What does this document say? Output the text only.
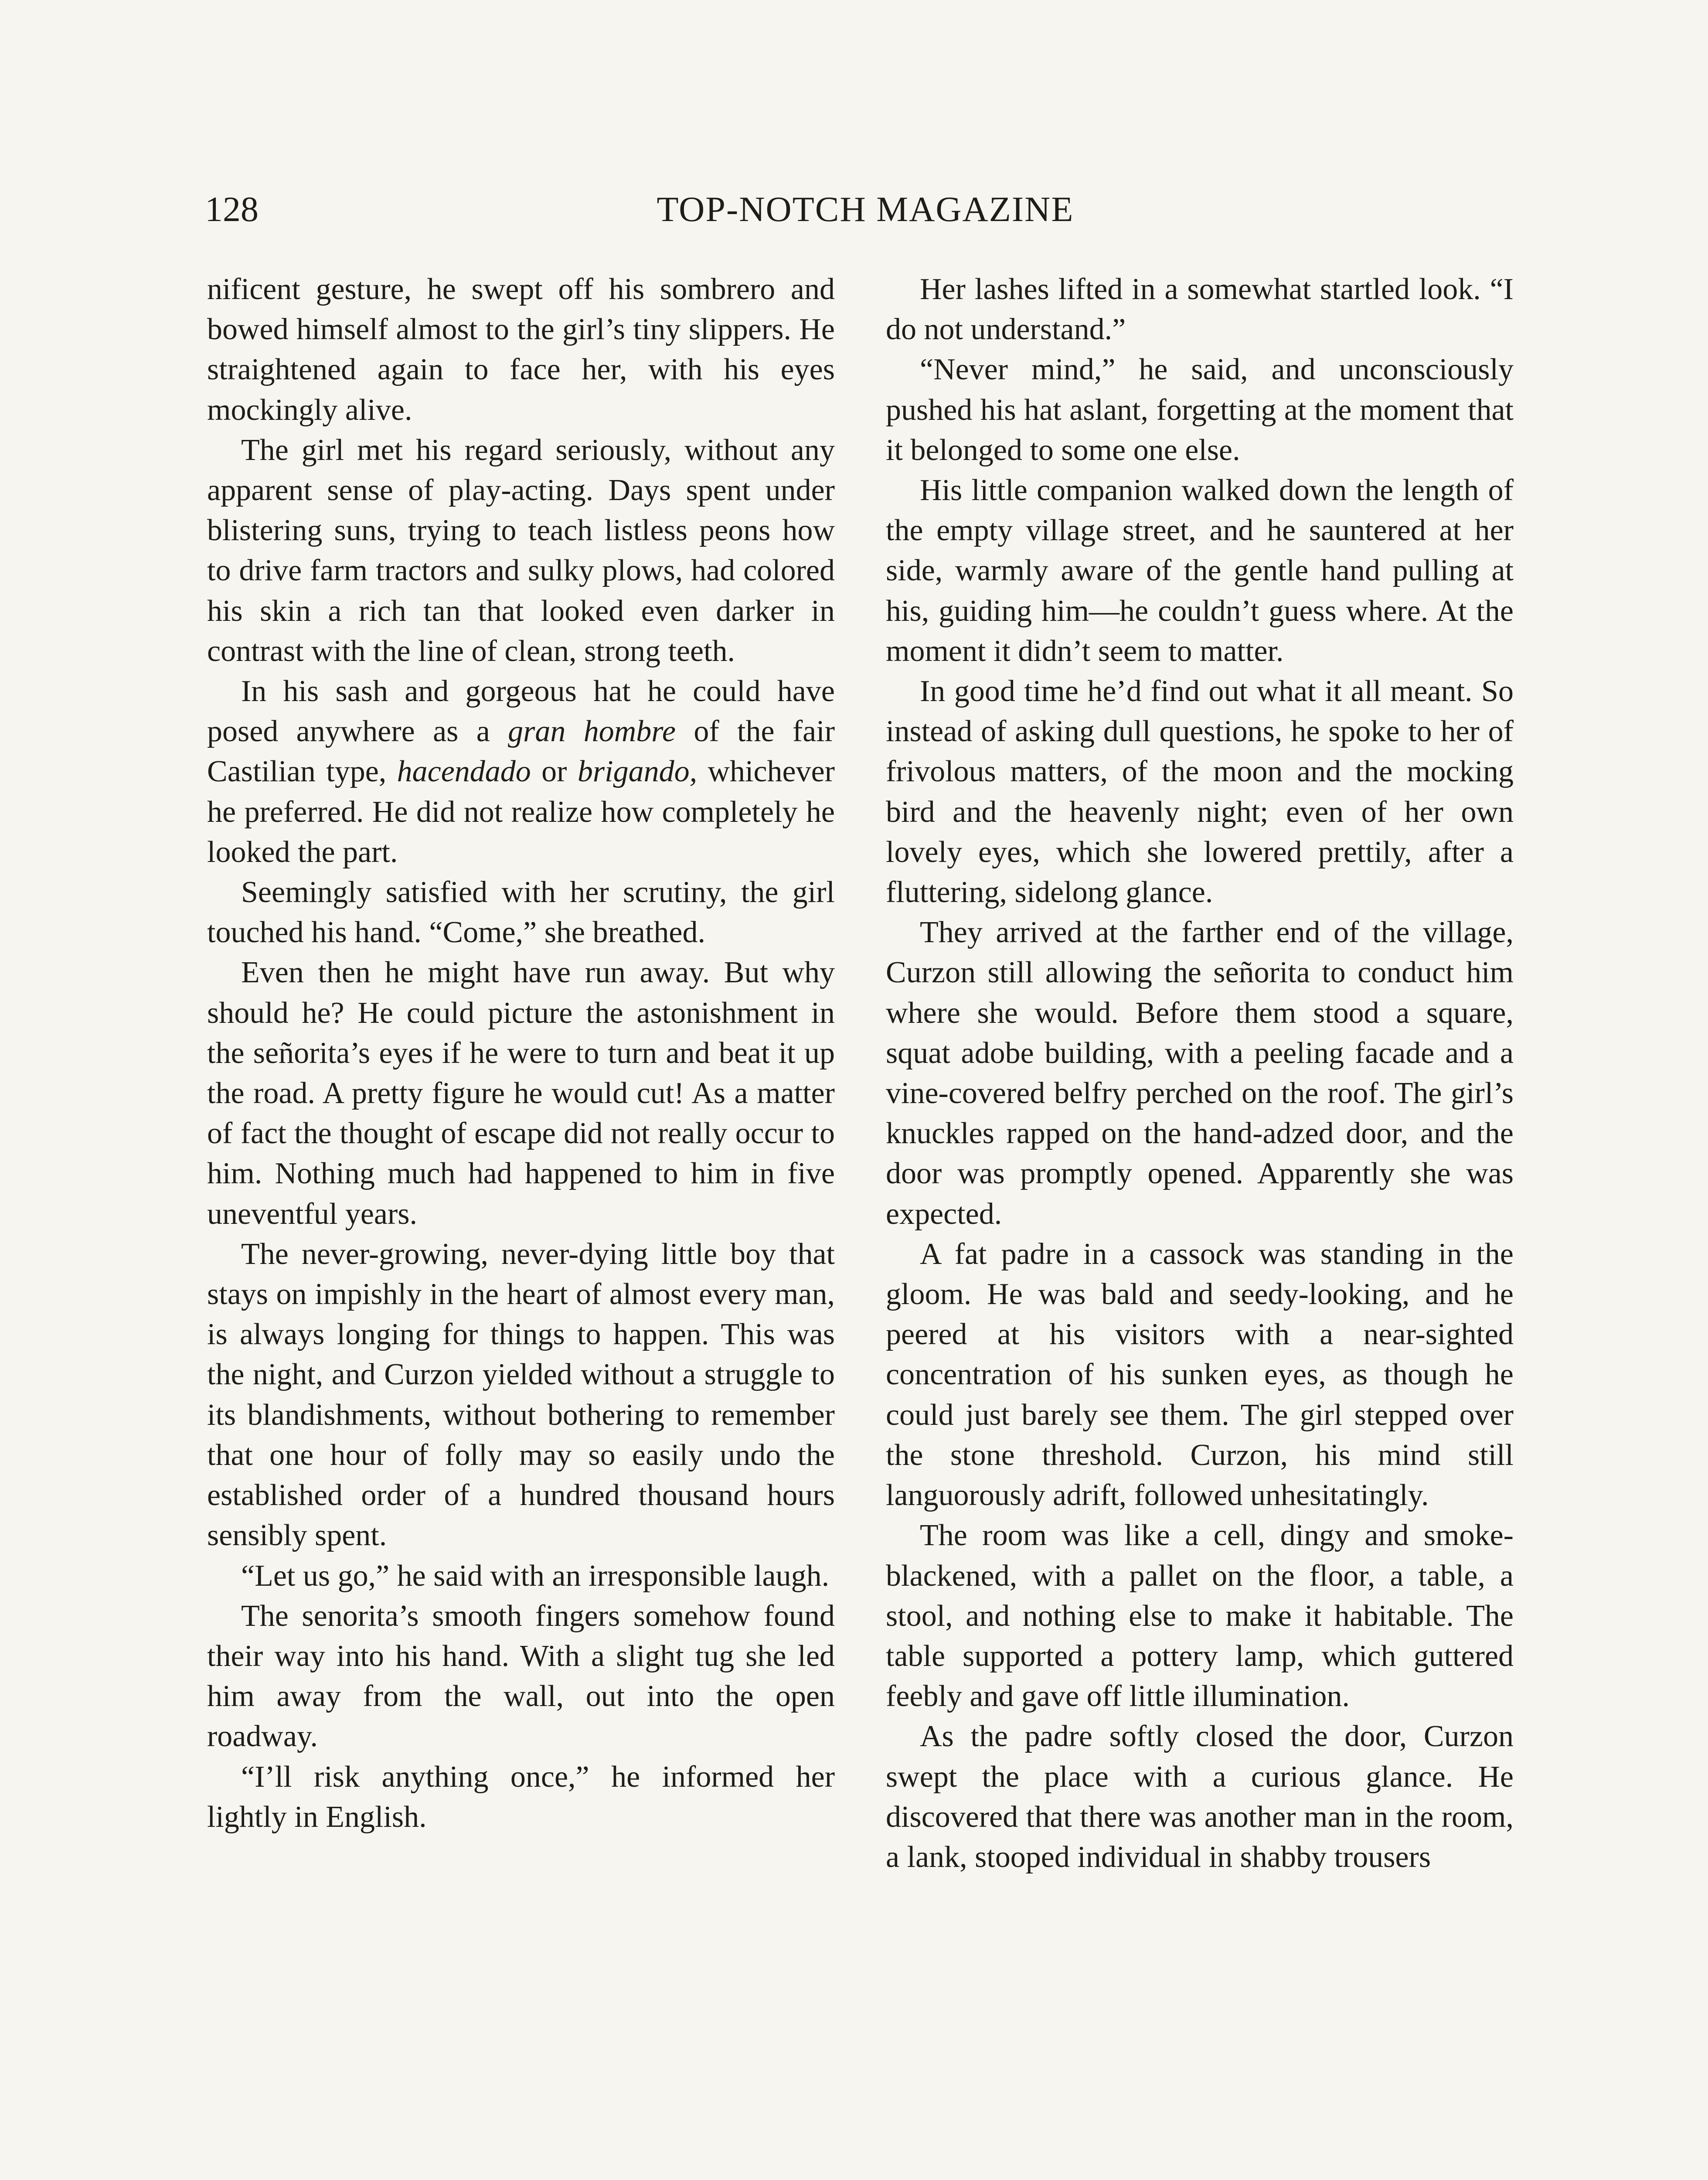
128	TOP-NOTCH MAGAZINE

nificent gesture, he swept off his sombrero and bowed himself almost to the girl’s tiny slippers. He straightened again to face her, with his eyes mockingly alive.

The girl met his regard seriously, without any apparent sense of play-acting. Days spent under blistering suns, trying to teach listless peons how to drive farm tractors and sulky plows, had colored his skin a rich tan that looked even darker in contrast with the line of clean, strong teeth.

In his sash and gorgeous hat he could have posed anywhere as a gran hombre of the fair Castilian type, hacendado or brigando, whichever he preferred. He did not realize how completely he looked the part.

Seemingly satisfied with her scrutiny, the girl touched his hand. “Come,” she breathed.

Even then he might have run away. But why should he? He could picture the astonishment in the señorita’s eyes if he were to turn and beat it up the road. A pretty figure he would cut! As a matter of fact the thought of escape did not really occur to him. Nothing much had happened to him in five uneventful years.

The never-growing, never-dying little boy that stays on impishly in the heart of almost every man, is always longing for things to happen. This was the night, and Curzon yielded without a struggle to its blandishments, without bothering to remember that one hour of folly may so easily undo the established order of a hundred thousand hours sensibly spent.

“Let us go,” he said with an irresponsible laugh.

The senorita’s smooth fingers somehow found their way into his hand. With a slight tug she led him away from the wall, out into the open roadway.

“I’ll risk anything once,” he informed her lightly in English.

Her lashes lifted in a somewhat startled look. “I do not understand.”

“Never mind,” he said, and unconsciously pushed his hat aslant, forgetting at the moment that it belonged to some one else.

His little companion walked down the length of the empty village street, and he sauntered at her side, warmly aware of the gentle hand pulling at his, guiding him—he couldn’t guess where. At the moment it didn’t seem to matter.

In good time he’d find out what it all meant. So instead of asking dull questions, he spoke to her of frivolous matters, of the moon and the mocking bird and the heavenly night; even of her own lovely eyes, which she lowered prettily, after a fluttering, sidelong glance.

They arrived at the farther end of the village, Curzon still allowing the señorita to conduct him where she would. Before them stood a square, squat adobe building, with a peeling facade and a vine-covered belfry perched on the roof. The girl’s knuckles rapped on the hand-adzed door, and the door was promptly opened. Apparently she was expected.

A fat padre in a cassock was standing in the gloom. He was bald and seedy-looking, and he peered at his visitors with a near-sighted concentration of his sunken eyes, as though he could just barely see them. The girl stepped over the stone threshold. Curzon, his mind still languorously adrift, followed unhesitatingly.

The room was like a cell, dingy and smoke-blackened, with a pallet on the floor, a table, a stool, and nothing else to make it habitable. The table supported a pottery lamp, which guttered feebly and gave off little illumination.

As the padre softly closed the door, Curzon swept the place with a curious glance. He discovered that there was another man in the room, a lank, stooped individual in shabby trousers
